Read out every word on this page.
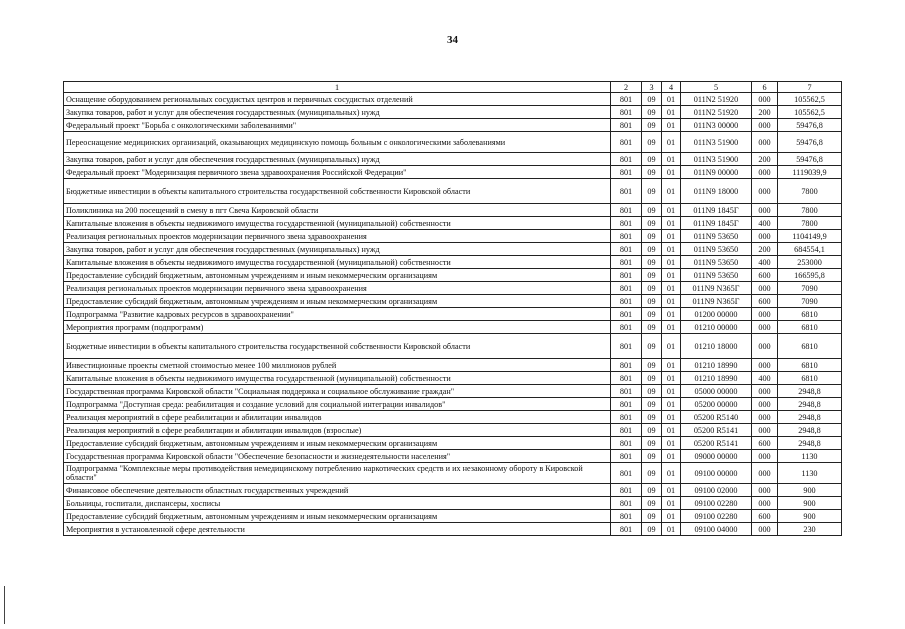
34
1	2	3	4	5	6	7
Оснащение оборудованием региональных сосудистых центров и первичных сосудистых отделений	801	09	01	011N2 51920	000	105562,5
Закупка товаров, работ и услуг для обеспечения государственных (муниципальных) нужд	801	09	01	011N2 51920	200	105562,5
Федеральный проект "Борьба с онкологическими заболеваниями"	801	09	01	011N3 00000	000	59476,8
Переоснащение медицинских организаций, оказывающих медицинскую помощь больным с онкологическими заболеваниями	801	09	01	011N3 51900	000	59476,8
Закупка товаров, работ и услуг для обеспечения государственных (муниципальных) нужд	801	09	01	011N3 51900	200	59476,8
Федеральный проект "Модернизация первичного звена здравоохранения Российской Федерации"	801	09	01	011N9 00000	000	1119039,9
Бюджетные инвестиции в объекты капитального строительства государственной собственности Кировской области	801	09	01	011N9 18000	000	7800
Поликлиника на 200 посещений в смену в пгт Свеча Кировской области	801	09	01	011N9 1845Г	000	7800
Капитальные вложения в объекты недвижимого имущества государственной (муниципальной) собственности	801	09	01	011N9 1845Г	400	7800
Реализация региональных проектов модернизации первичного звена здравоохранения	801	09	01	011N9 53650	000	1104149,9
Закупка товаров, работ и услуг для обеспечения государственных (муниципальных) нужд	801	09	01	011N9 53650	200	684554,1
Капитальные вложения в объекты недвижимого имущества государственной (муниципальной) собственности	801	09	01	011N9 53650	400	253000
Предоставление субсидий бюджетным, автономным учреждениям и иным некоммерческим организациям	801	09	01	011N9 53650	600	166595,8
Реализация региональных проектов модернизации первичного звена здравоохранения	801	09	01	011N9 N365Г	000	7090
Предоставление субсидий бюджетным, автономным учреждениям и иным некоммерческим организациям	801	09	01	011N9 N365Г	600	7090
Подпрограмма "Развитие кадровых ресурсов в здравоохранении"	801	09	01	01200 00000	000	6810
Мероприятия программ (подпрограмм)	801	09	01	01210 00000	000	6810
Бюджетные инвестиции в объекты капитального строительства государственной собственности Кировской области	801	09	01	01210 18000	000	6810
Инвестиционные проекты сметной стоимостью менее 100 миллионов рублей	801	09	01	01210 18990	000	6810
Капитальные вложения в объекты недвижимого имущества государственной (муниципальной) собственности	801	09	01	01210 18990	400	6810
Государственная программа Кировской области "Социальная поддержка и социальное обслуживание граждан"	801	09	01	05000 00000	000	2948,8
Подпрограмма "Доступная среда: реабилитация и создание условий для социальной интеграции инвалидов"	801	09	01	05200 00000	000	2948,8
Реализация мероприятий в сфере реабилитации и абилитации инвалидов	801	09	01	05200 R5140	000	2948,8
Реализация мероприятий в сфере реабилитации и абилитации инвалидов (взрослые)	801	09	01	05200 R5141	000	2948,8
Предоставление субсидий бюджетным, автономным учреждениям и иным некоммерческим организациям	801	09	01	05200 R5141	600	2948,8
Государственная программа Кировской области "Обеспечение безопасности и жизнедеятельности населения"	801	09	01	09000 00000	000	1130
Подпрограмма "Комплексные меры противодействия немедицинскому потреблению наркотических средств и их незаконному обороту в Кировской области"	801	09	01	09100 00000	000	1130
Финансовое обеспечение деятельности областных государственных учреждений	801	09	01	09100 02000	000	900
Больницы, госпитали, диспансеры, хосписы	801	09	01	09100 02280	000	900
Предоставление субсидий бюджетным, автономным учреждениям и иным некоммерческим организациям	801	09	01	09100 02280	600	900
Мероприятия в установленной сфере деятельности	801	09	01	09100 04000	000	230
